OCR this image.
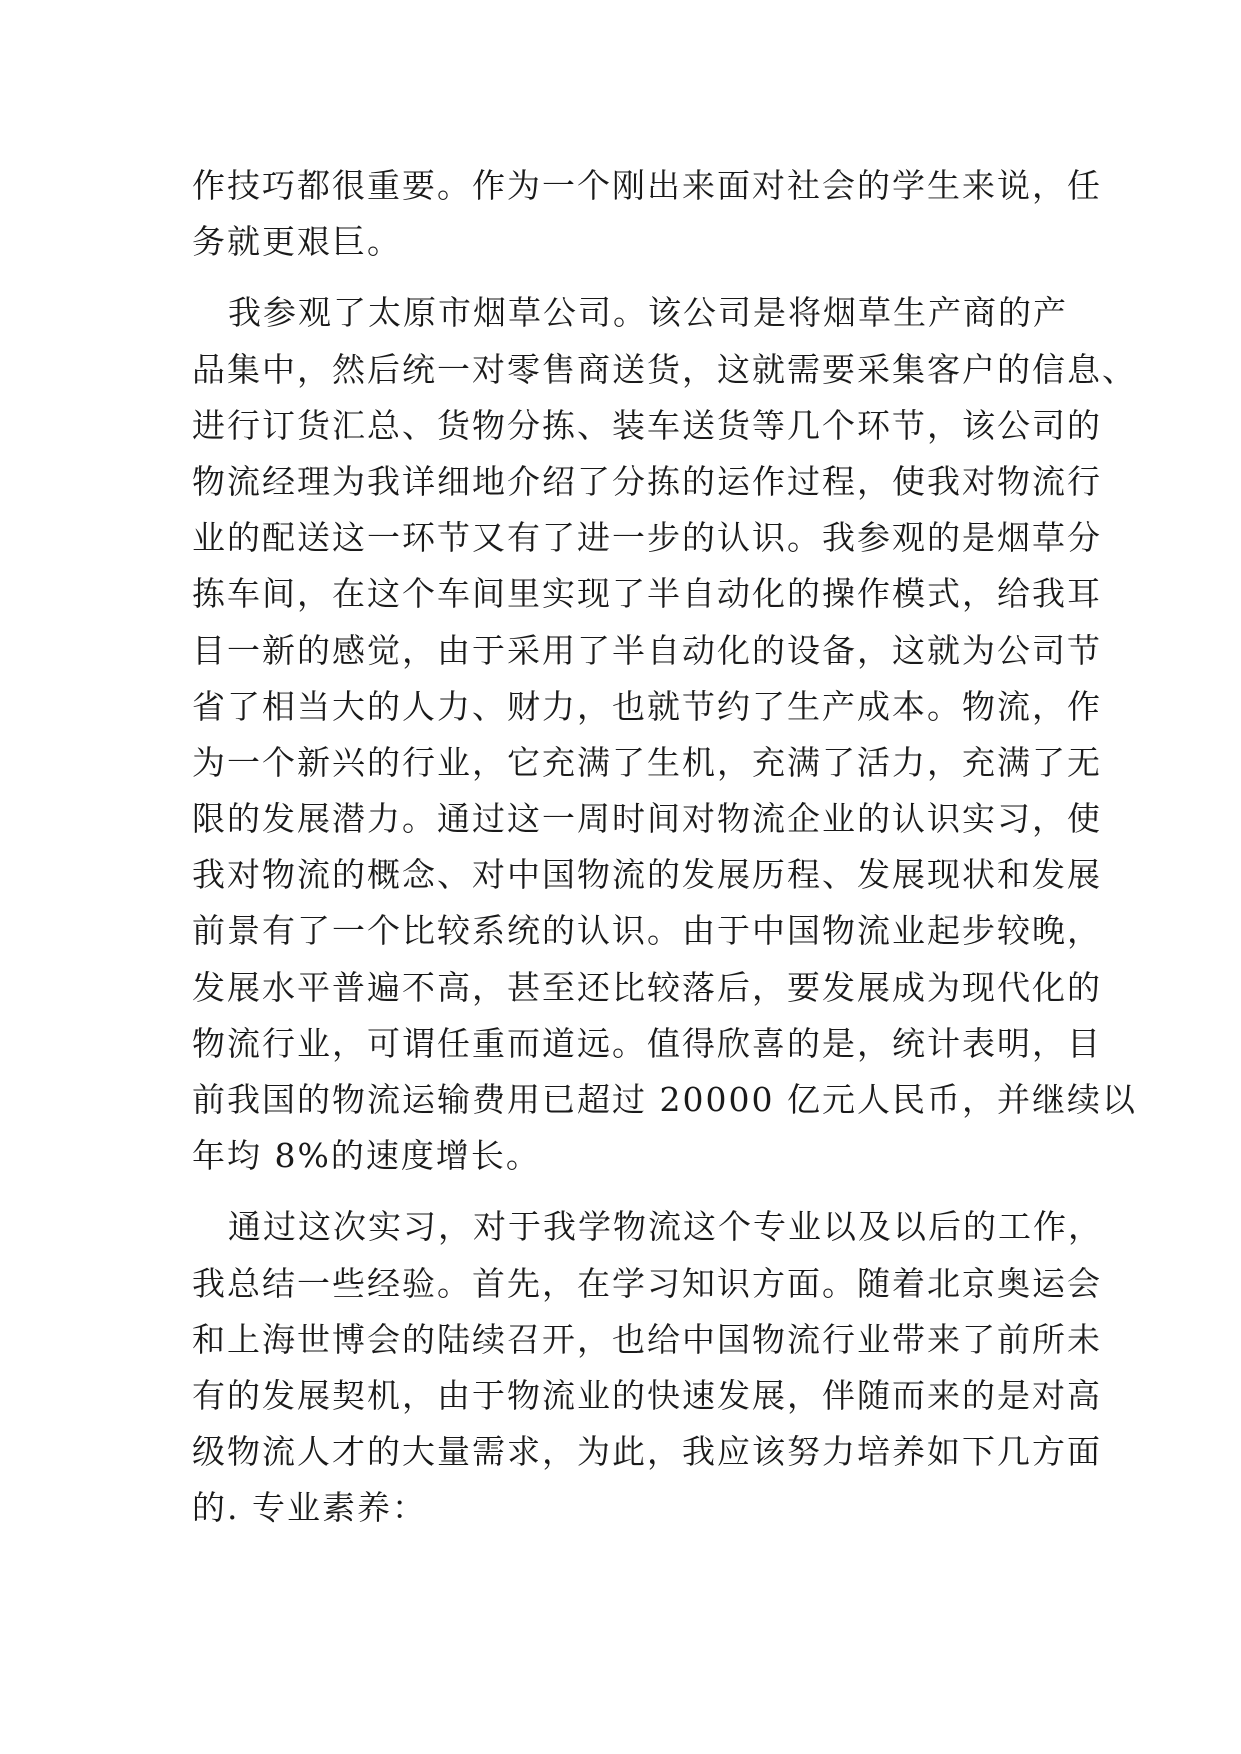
作技巧都很重要。作为一个刚出来面对社会的学生来说，任
务就更艰巨。
我参观了太原市烟草公司。该公司是将烟草生产商的产
品集中，然后统一对零售商送货，这就需要采集客户的信息、
进行订货汇总、货物分拣、装车送货等几个环节，该公司的
物流经理为我详细地介绍了分拣的运作过程，使我对物流行
业的配送这一环节又有了进一步的认识。我参观的是烟草分
拣车间，在这个车间里实现了半自动化的操作模式，给我耳
目一新的感觉，由于采用了半自动化的设备，这就为公司节
省了相当大的人力、财力，也就节约了生产成本。物流，作
为一个新兴的行业，它充满了生机，充满了活力，充满了无
限的发展潜力。通过这一周时间对物流企业的认识实习，使
我对物流的概念、对中国物流的发展历程、发展现状和发展
前景有了一个比较系统的认识。由于中国物流业起步较晚，
发展水平普遍不高，甚至还比较落后，要发展成为现代化的
物流行业，可谓任重而道远。值得欣喜的是，统计表明，目
前我国的物流运输费用已超过 20000 亿元人民币，并继续以
年均 8%的速度增长。
通过这次实习，对于我学物流这个专业以及以后的工作，
我总结一些经验。首先，在学习知识方面。随着北京奥运会
和上海世博会的陆续召开，也给中国物流行业带来了前所未
有的发展契机，由于物流业的快速发展，伴随而来的是对高
级物流人才的大量需求，为此，我应该努力培养如下几方面
的. 专业素养：
